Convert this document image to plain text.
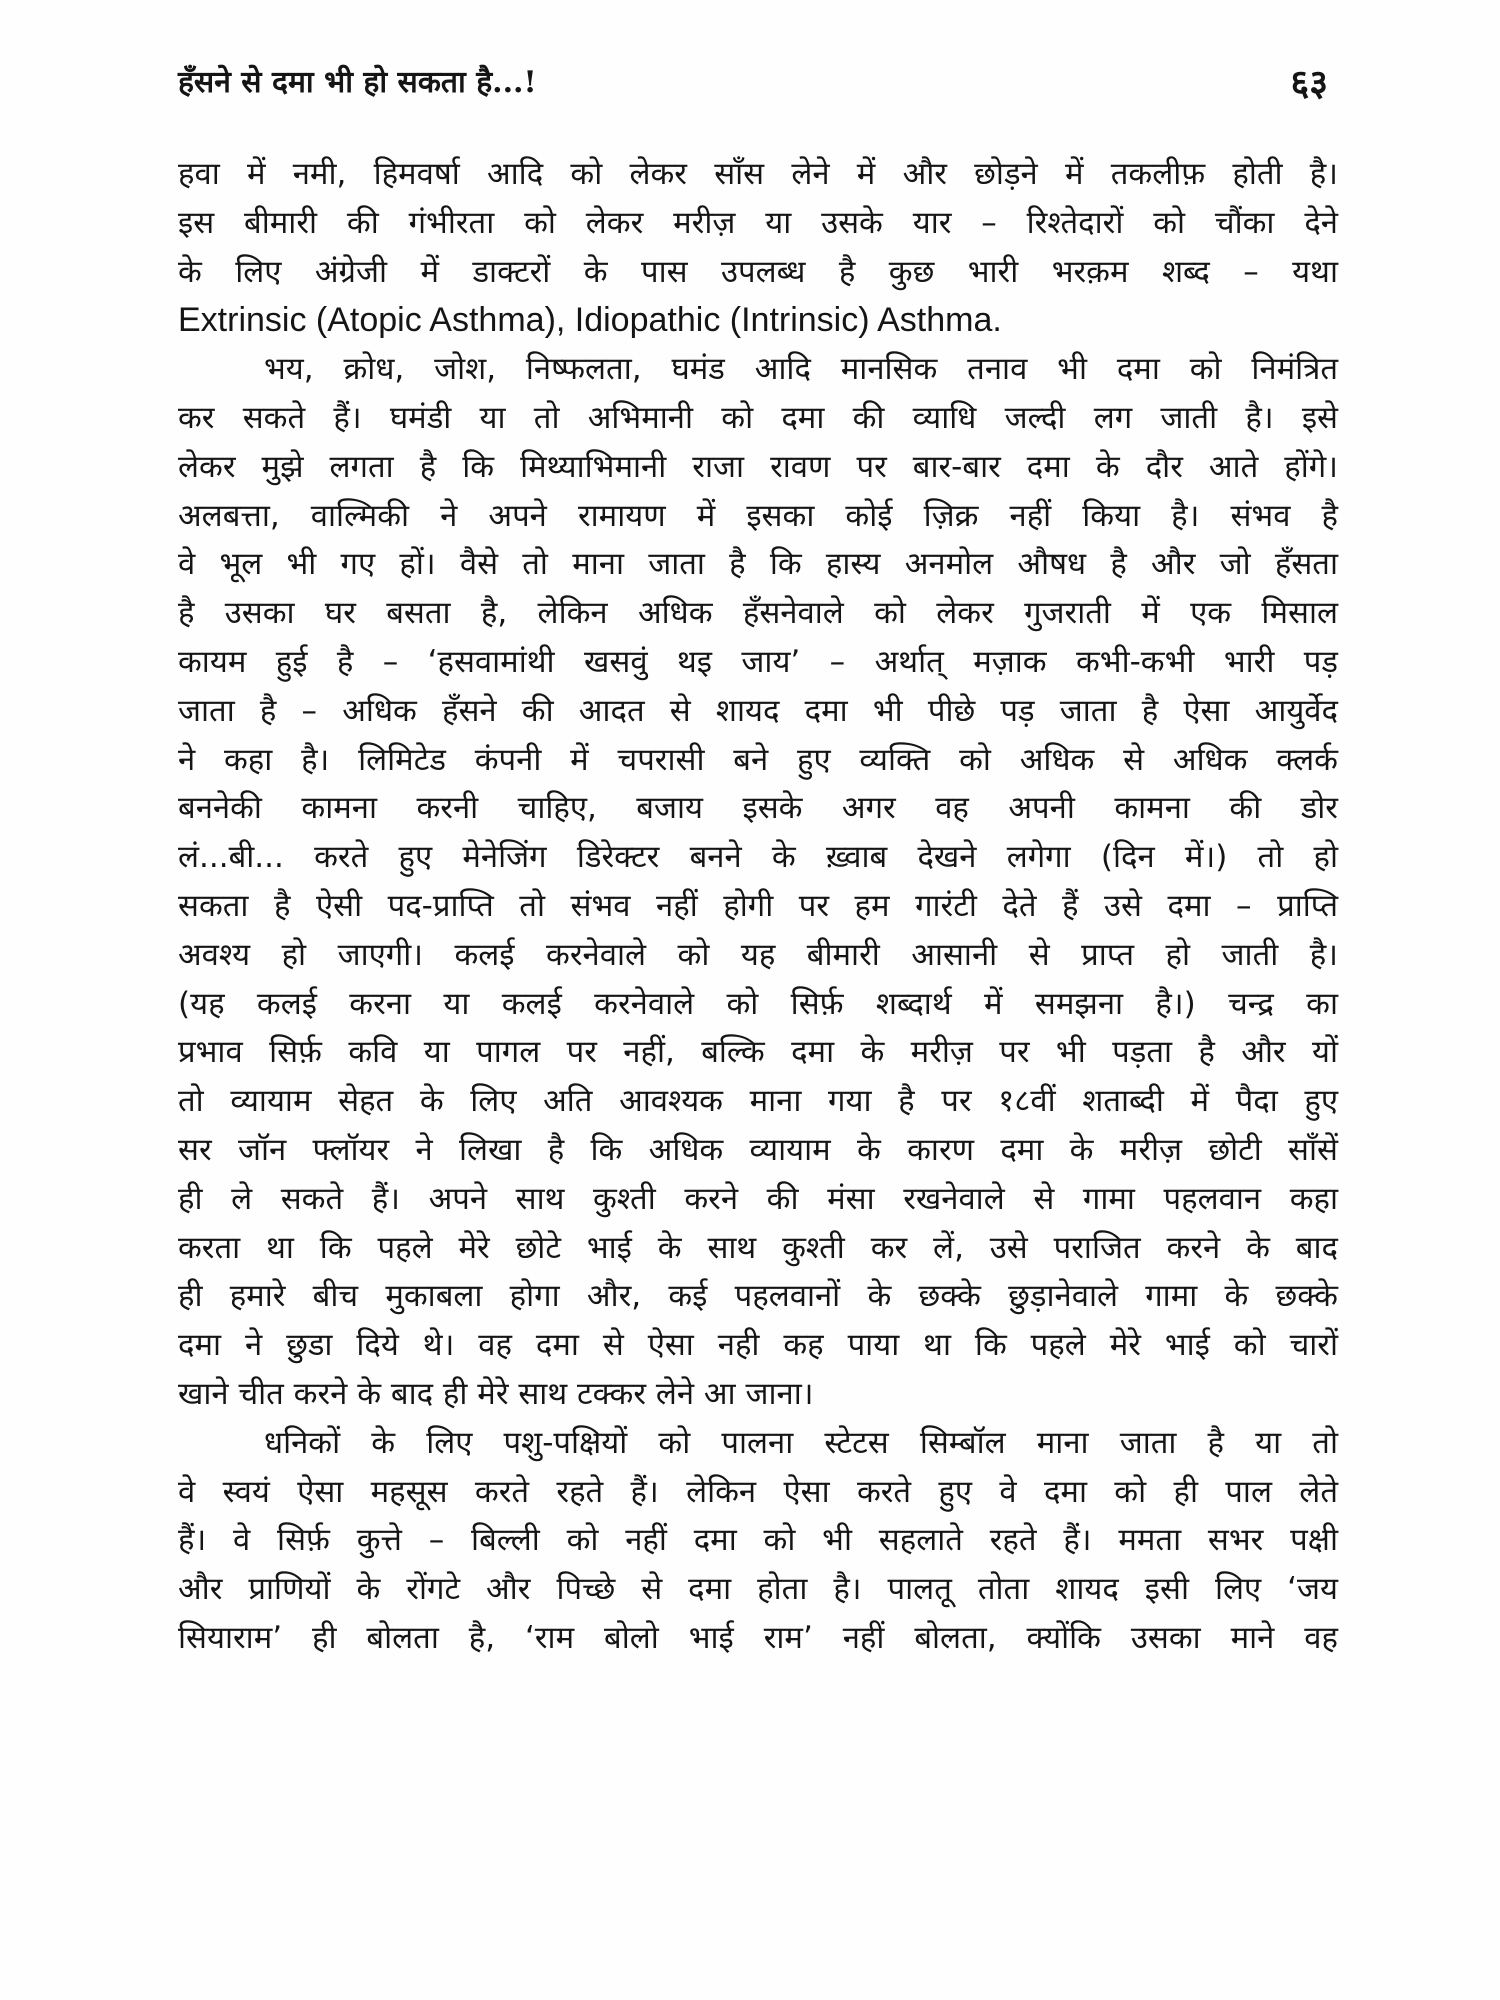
हँसने से दमा भी हो सकता है...!	६३
हवा में नमी, हिमवर्षा आदि को लेकर साँस लेने में और छोड़ने में तकलीफ़ होती है।
इस बीमारी की गंभीरता को लेकर मरीज़ या उसके यार – रिश्तेदारों को चौंका देने
के लिए अंग्रेजी में डाक्टरों के पास उपलब्ध है कुछ भारी भरक़म शब्द – यथा
Extrinsic (Atopic Asthma), Idiopathic (Intrinsic) Asthma.
भय, क्रोध, जोश, निष्फलता, घमंड आदि मानसिक तनाव भी दमा को निमंत्रित
कर सकते हैं। घमंडी या तो अभिमानी को दमा की व्याधि जल्दी लग जाती है। इसे
लेकर मुझे लगता है कि मिथ्याभिमानी राजा रावण पर बार-बार दमा के दौर आते होंगे।
अलबत्ता, वाल्मिकी ने अपने रामायण में इसका कोई ज़िक्र नहीं किया है। संभव है
वे भूल भी गए हों। वैसे तो माना जाता है कि हास्य अनमोल औषध है और जो हँसता
है उसका घर बसता है, लेकिन अधिक हँसनेवाले को लेकर गुजराती में एक मिसाल
कायम हुई है – ‘हसवामांथी खसवुं थइ जाय’ – अर्थात् मज़ाक कभी-कभी भारी पड़
जाता है – अधिक हँसने की आदत से शायद दमा भी पीछे पड़ जाता है ऐसा आयुर्वेद
ने कहा है। लिमिटेड कंपनी में चपरासी बने हुए व्यक्ति को अधिक से अधिक क्लर्क
बननेकी कामना करनी चाहिए, बजाय इसके अगर वह अपनी कामना की डोर
लं...बी... करते हुए मेनेजिंग डिरेक्टर बनने के ख़्वाब देखने लगेगा (दिन में।) तो हो
सकता है ऐसी पद-प्राप्ति तो संभव नहीं होगी पर हम गारंटी देते हैं उसे दमा – प्राप्ति
अवश्य हो जाएगी। कलई करनेवाले को यह बीमारी आसानी से प्राप्त हो जाती है।
(यह कलई करना या कलई करनेवाले को सिर्फ़ शब्दार्थ में समझना है।) चन्द्र का
प्रभाव सिर्फ़ कवि या पागल पर नहीं, बल्कि दमा के मरीज़ पर भी पड़ता है और यों
तो व्यायाम सेहत के लिए अति आवश्यक माना गया है पर १८वीं शताब्दी में पैदा हुए
सर जॉन फ्लॉयर ने लिखा है कि अधिक व्यायाम के कारण दमा के मरीज़ छोटी साँसें
ही ले सकते हैं। अपने साथ कुश्ती करने की मंसा रखनेवाले से गामा पहलवान कहा
करता था कि पहले मेरे छोटे भाई के साथ कुश्ती कर लें, उसे पराजित करने के बाद
ही हमारे बीच मुकाबला होगा और, कई पहलवानों के छक्के छुड़ानेवाले गामा के छक्के
दमा ने छुडा दिये थे। वह दमा से ऐसा नही कह पाया था कि पहले मेरे भाई को चारों
खाने चीत करने के बाद ही मेरे साथ टक्कर लेने आ जाना।
धनिकों के लिए पशु-पक्षियों को पालना स्टेटस सिम्बॉल माना जाता है या तो
वे स्वयं ऐसा महसूस करते रहते हैं। लेकिन ऐसा करते हुए वे दमा को ही पाल लेते
हैं। वे सिर्फ़ कुत्ते – बिल्ली को नहीं दमा को भी सहलाते रहते हैं। ममता सभर पक्षी
और प्राणियों के रोंगटे और पिच्छे से दमा होता है। पालतू तोता शायद इसी लिए ‘जय
सियाराम’ ही बोलता है, ‘राम बोलो भाई राम’ नहीं बोलता, क्योंकि उसका माने वह
